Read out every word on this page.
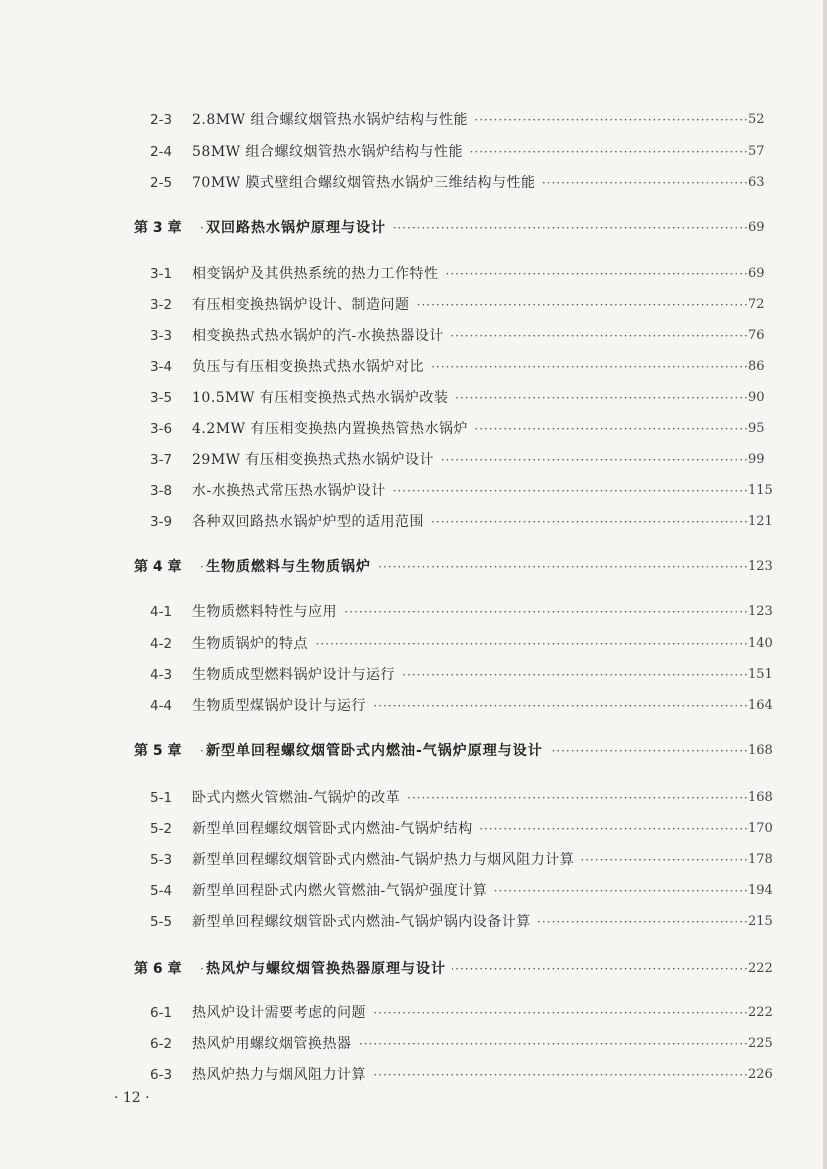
·····
2-3 2.8MW 组合螺纹烟管热水锅炉结构与性能	52
·····
2-4 58MW 组合螺纹烟管热水锅炉结构与性能	57
·····
2-5 70MW 膜式壁组合螺纹烟管热水锅炉三维结构与性能	63
·····
第 3 章 双回路热水锅炉原理与设计	69
·····
3-1 相变锅炉及其供热系统的热力工作特性	69
·····
3-2 有压相变换热锅炉设计、制造问题	72
·····
3-3 相变换热式热水锅炉的汽-水换热器设计	76
·····
3-4 负压与有压相变换热式热水锅炉对比	86
·····
3-5 10.5MW 有压相变换热式热水锅炉改装	90
·····
3-6 4.2MW 有压相变换热内置换热管热水锅炉	95
·····
3-7 29MW 有压相变换热式热水锅炉设计	99
·····
3-8 水-水换热式常压热水锅炉设计	115
·····
3-9 各种双回路热水锅炉炉型的适用范围	121
·····
第 4 章 生物质燃料与生物质锅炉	123
·····
4-1 生物质燃料特性与应用	123
·····
4-2 生物质锅炉的特点	140
·····
4-3 生物质成型燃料锅炉设计与运行	151
·····
4-4 生物质型煤锅炉设计与运行	164
·····
第 5 章 新型单回程螺纹烟管卧式内燃油-气锅炉原理与设计	168
·····
5-1 卧式内燃火管燃油-气锅炉的改革	168
·····
5-2 新型单回程螺纹烟管卧式内燃油-气锅炉结构	170
·····
5-3 新型单回程螺纹烟管卧式内燃油-气锅炉热力与烟风阻力计算	178
·····
5-4 新型单回程卧式内燃火管燃油-气锅炉强度计算	194
·····
5-5 新型单回程螺纹烟管卧式内燃油-气锅炉锅内设备计算	215
·····
第 6 章 热风炉与螺纹烟管换热器原理与设计	222
·····
6-1 热风炉设计需要考虑的问题	222
·····
6-2 热风炉用螺纹烟管换热器	225
·····
6-3 热风炉热力与烟风阻力计算	226
· 12 ·
